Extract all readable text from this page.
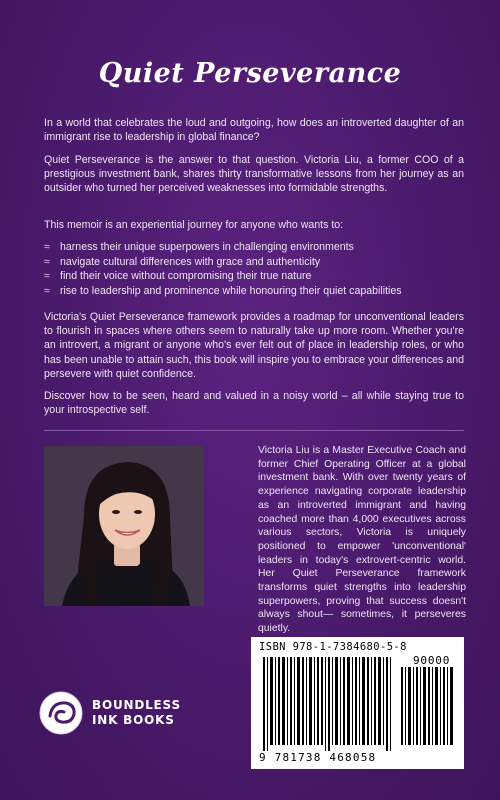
Quiet Perseverance
In a world that celebrates the loud and outgoing, how does an introverted daughter of an immigrant rise to leadership in global finance?
Quiet Perseverance is the answer to that question. Victoria Liu, a former COO of a prestigious investment bank, shares thirty transformative lessons from her journey as an outsider who turned her perceived weaknesses into formidable strengths.
This memoir is an experiential journey for anyone who wants to:
≈ harness their unique superpowers in challenging environments
≈ navigate cultural differences with grace and authenticity
≈ find their voice without compromising their true nature
≈ rise to leadership and prominence while honouring their quiet capabilities
Victoria's Quiet Perseverance framework provides a roadmap for unconventional leaders to flourish in spaces where others seem to naturally take up more room. Whether you're an introvert, a migrant or anyone who's ever felt out of place in leadership roles, or who has been unable to attain such, this book will inspire you to embrace your differences and persevere with quiet confidence.
Discover how to be seen, heard and valued in a noisy world – all while staying true to your introspective self.
Victoria Liu is a Master Executive Coach and former Chief Operating Officer at a global investment bank. With over twenty years of experience navigating corporate leadership as an introverted immigrant and having coached more than 4,000 executives across various sectors, Victoria is uniquely positioned to empower 'unconventional' leaders in today's extrovert-centric world. Her Quiet Perseverance framework transforms quiet strengths into leadership superpowers, proving that success doesn't always shout— sometimes, it perseveres quietly.
ISBN 978-1-7384680-5-8
90000
9 781738 468058
BOUNDLESS
INK BOOKS
